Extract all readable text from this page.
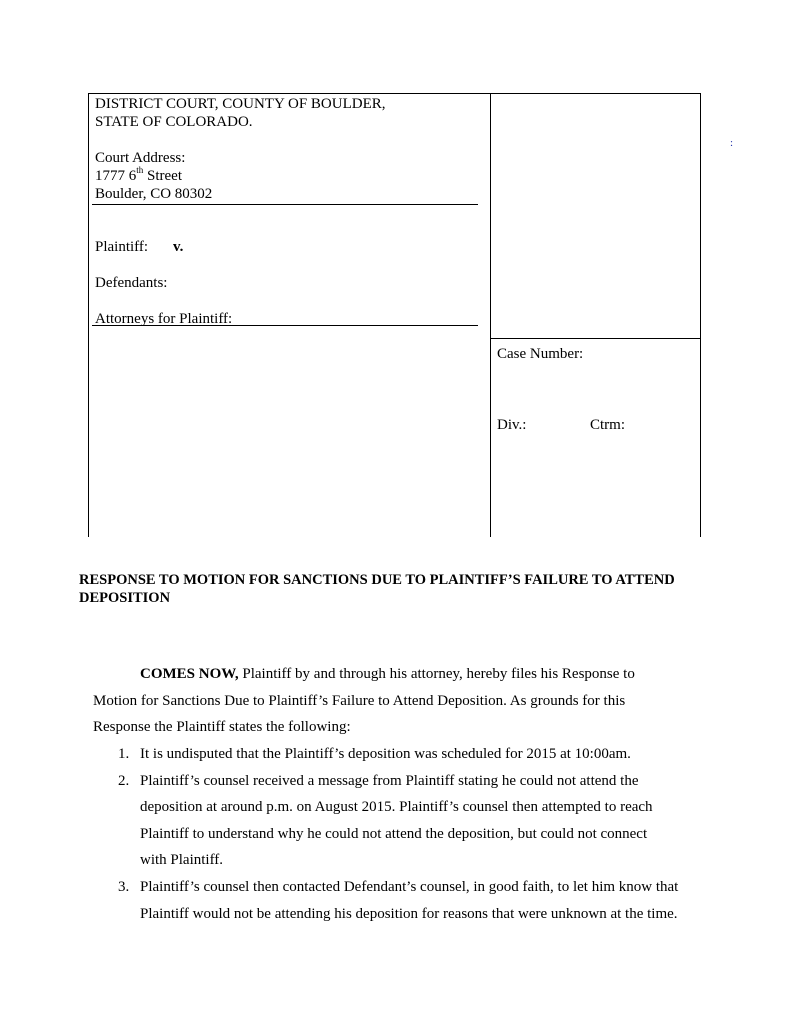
DISTRICT COURT, COUNTY OF BOULDER,
STATE OF COLORADO.
Court Address:
1777 6th Street
Boulder, CO 80302
Plaintiff: v.
Defendants:
Attorneys for Plaintiff:
Case Number:
Div.:	Ctrm:
:
RESPONSE TO MOTION FOR SANCTIONS DUE TO PLAINTIFF’S FAILURE TO ATTEND DEPOSITION
COMES NOW, Plaintiff by and through his attorney, hereby files his Response to
Motion for Sanctions Due to Plaintiff’s Failure to Attend Deposition. As grounds for this
Response the Plaintiff states the following:
1. It is undisputed that the Plaintiff’s deposition was scheduled for 2015 at 10:00am.
2. Plaintiff’s counsel received a message from Plaintiff stating he could not attend the
deposition at around p.m. on August 2015. Plaintiff’s counsel then attempted to reach
Plaintiff to understand why he could not attend the deposition, but could not connect
with Plaintiff.
3. Plaintiff’s counsel then contacted Defendant’s counsel, in good faith, to let him know that
Plaintiff would not be attending his deposition for reasons that were unknown at the time.
